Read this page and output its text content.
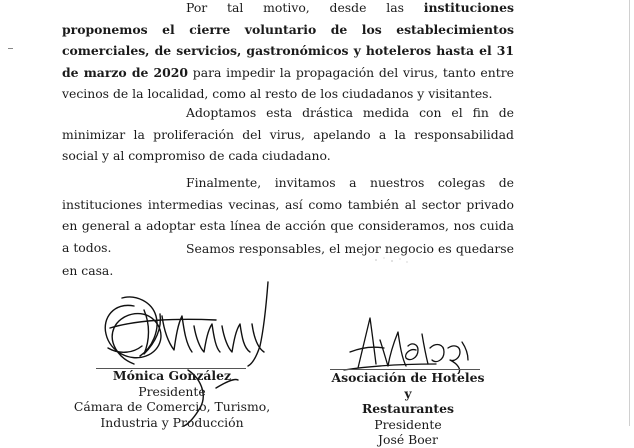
Por tal motivo, desde las instituciones proponemos el cierre voluntario de los establecimientos comerciales, de servicios, gastronómicos y hoteleros hasta el 31 de marzo de 2020 para impedir la propagación del virus, tanto entre vecinos de la localidad, como al resto de los ciudadanos y visitantes.

Adoptamos esta drástica medida con el fin de minimizar la proliferación del virus, apelando a la responsabilidad social y al compromiso de cada ciudadano.

Finalmente, invitamos a nuestros colegas de instituciones intermedias vecinas, así como también al sector privado en general a adoptar esta línea de acción que consideramos, nos cuida a todos.	Seamos responsables, el mejor negocio es quedarse en casa.

Mónica González
Presidente
Cámara de Comercio, Turismo,
Industria y Producción
Asociación de Hoteles y
Restaurantes
Presidente
José Boer
